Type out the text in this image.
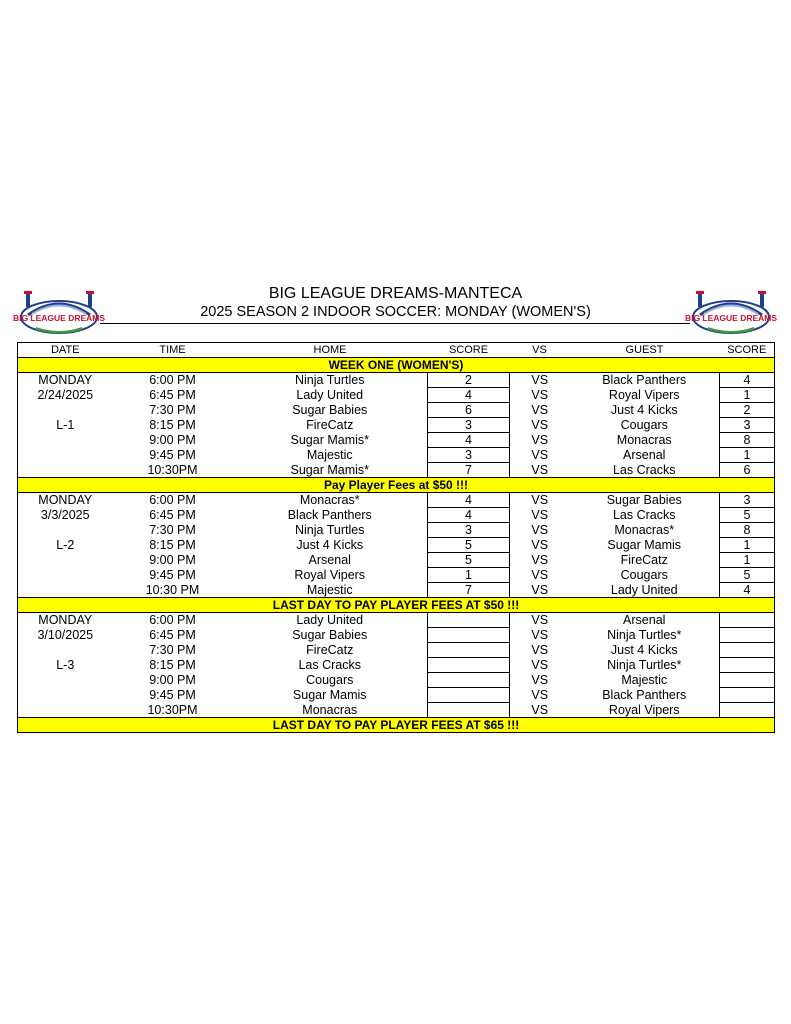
BIG LEAGUE DREAMS
BIG LEAGUE DREAMS-MANTECA
2025 SEASON 2 INDOOR SOCCER: MONDAY (WOMEN'S)	BIG LEAGUE DREAMS
DATE	TIME	HOME	SCORE	VS	GUEST	SCORE
WEEK ONE (WOMEN'S)						
MONDAY	6:00 PM	Ninja Turtles	2	VS	Black Panthers	4
2/24/2025	6:45 PM	Lady United	4	VS	Royal Vipers	1
	7:30 PM	Sugar Babies	6	VS	Just 4 Kicks	2
L-1	8:15 PM	FireCatz	3	VS	Cougars	3
	9:00 PM	Sugar Mamis*	4	VS	Monacras	8
	9:45 PM	Majestic	3	VS	Arsenal	1
	10:30PM	Sugar Mamis*	7	VS	Las Cracks	6
Pay Player Fees at $50 !!!						
MONDAY	6:00 PM	Monacras*	4	VS	Sugar Babies	3
3/3/2025	6:45 PM	Black Panthers	4	VS	Las Cracks	5
	7:30 PM	Ninja Turtles	3	VS	Monacras*	8
L-2	8:15 PM	Just 4 Kicks	5	VS	Sugar Mamis	1
	9:00 PM	Arsenal	5	VS	FireCatz	1
	9:45 PM	Royal Vipers	1	VS	Cougars	5
	10:30 PM	Majestic	7	VS	Lady United	4
LAST DAY TO PAY PLAYER FEES AT $50 !!!						
MONDAY	6:00 PM	Lady United		VS	Arsenal	
3/10/2025	6:45 PM	Sugar Babies		VS	Ninja Turtles*	
	7:30 PM	FireCatz		VS	Just 4 Kicks	
L-3	8:15 PM	Las Cracks		VS	Ninja Turtles*	
	9:00 PM	Cougars		VS	Majestic	
	9:45 PM	Sugar Mamis		VS	Black Panthers	
	10:30PM	Monacras		VS	Royal Vipers	
LAST DAY TO PAY PLAYER FEES AT $65 !!!						
